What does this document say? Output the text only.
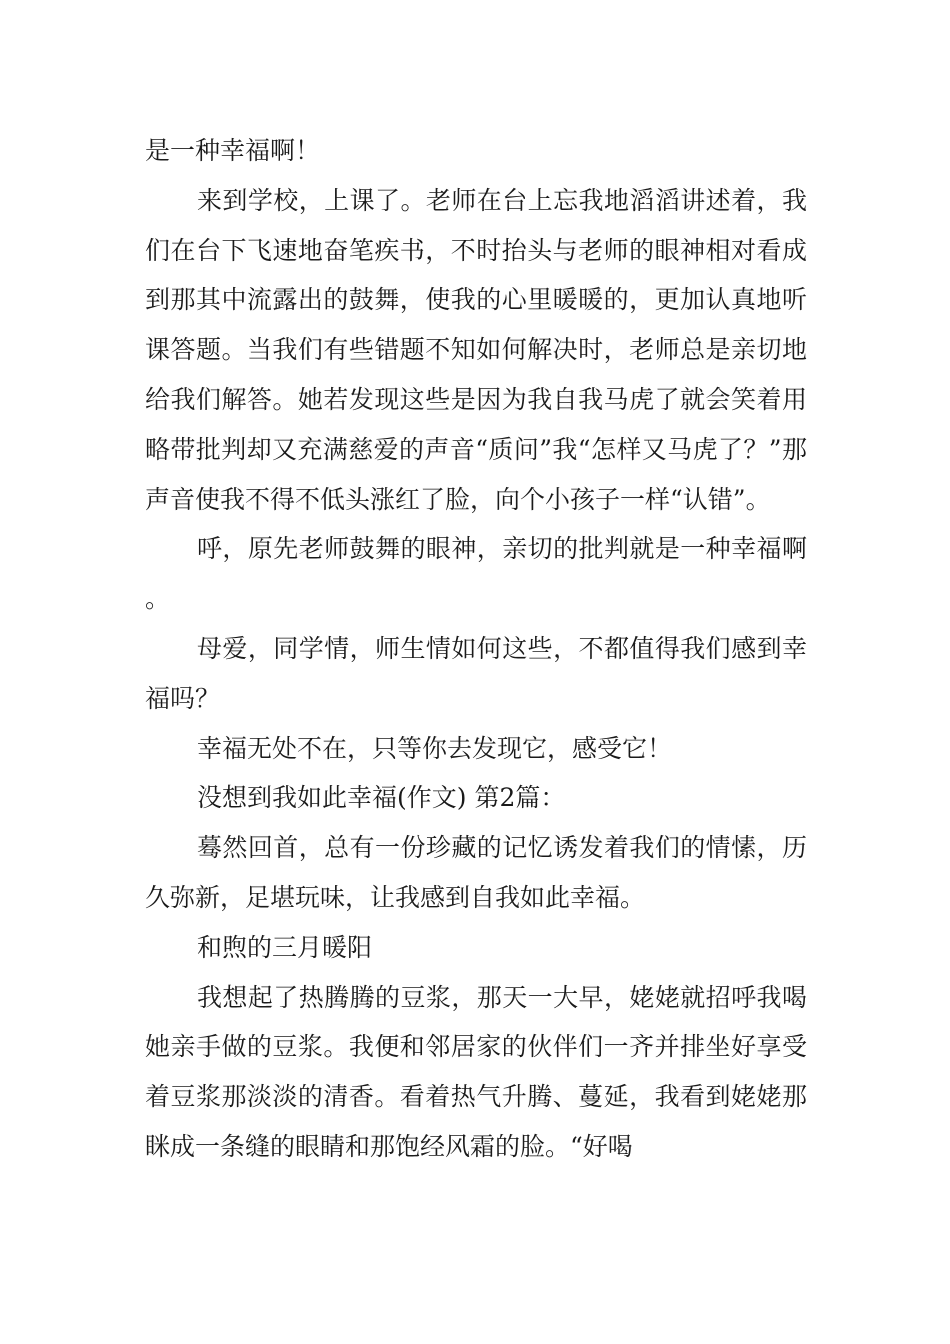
是一种幸福啊！

来到学校，上课了。老师在台上忘我地滔滔讲述着，我们在台下飞速地奋笔疾书，不时抬头与老师的眼神相对看成到那其中流露出的鼓舞，使我的心里暖暖的，更加认真地听课答题。当我们有些错题不知如何解决时，老师总是亲切地给我们解答。她若发现这些是因为我自我马虎了就会笑着用略带批判却又充满慈爱的声音“质问”我“怎样又马虎了？”那声音使我不得不低头涨红了脸，向个小孩子一样“认错”。

呼，原先老师鼓舞的眼神，亲切的批判就是一种幸福啊。

母爱，同学情，师生情如何这些，不都值得我们感到幸福吗？

幸福无处不在，只等你去发现它，感受它！

没想到我如此幸福(作文) 第2篇：

蓦然回首，总有一份珍藏的记忆诱发着我们的情愫，历久弥新，足堪玩味，让我感到自我如此幸福。

和煦的三月暖阳

我想起了热腾腾的豆浆，那天一大早，姥姥就招呼我喝她亲手做的豆浆。我便和邻居家的伙伴们一齐并排坐好享受着豆浆那淡淡的清香。看着热气升腾、蔓延，我看到姥姥那眯成一条缝的眼睛和那饱经风霜的脸。“好喝
